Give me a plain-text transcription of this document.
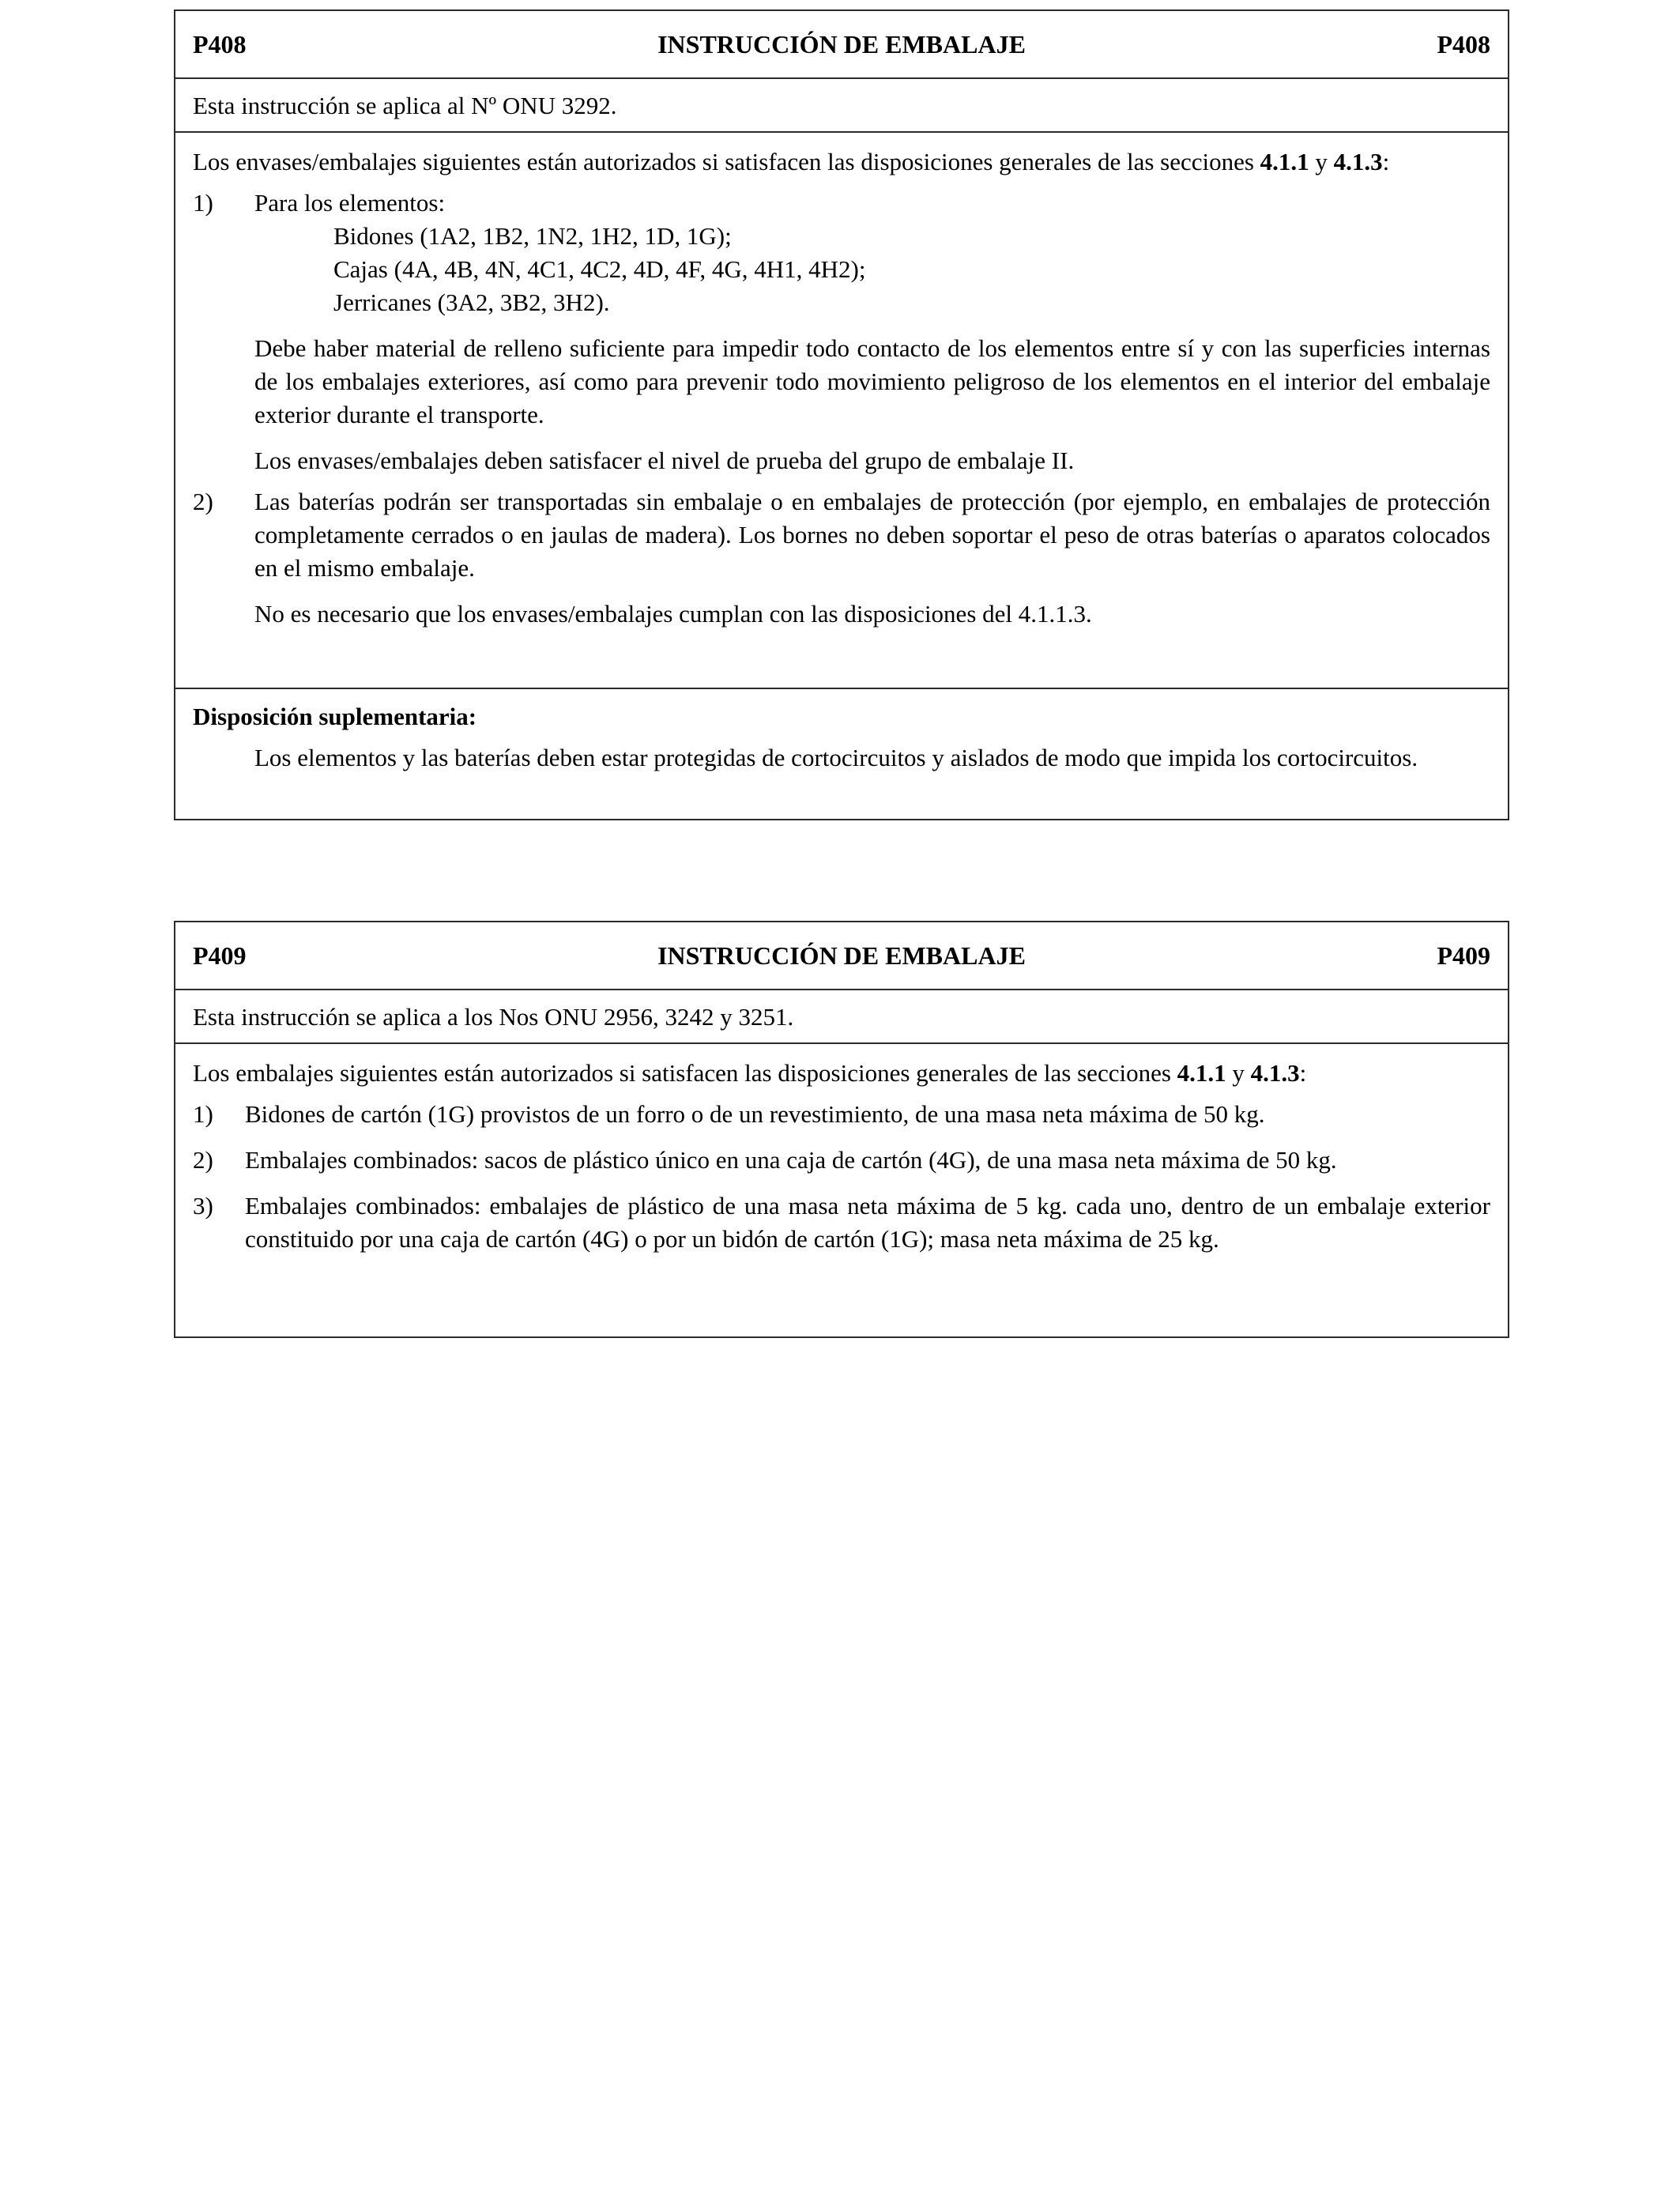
P408	INSTRUCCIÓN DE EMBALAJE	P408
Esta instrucción se aplica al Nº ONU 3292.

Los envases/embalajes siguientes están autorizados si satisfacen las disposiciones generales de las secciones 4.1.1 y 4.1.3:

1)	Para los elementos:

Bidones (1A2, 1B2, 1N2, 1H2, 1D, 1G);

Cajas (4A, 4B, 4N, 4C1, 4C2, 4D, 4F, 4G, 4H1, 4H2);

Jerricanes (3A2, 3B2, 3H2).

Debe haber material de relleno suficiente para impedir todo contacto de los elementos entre sí y con las superficies internas de los embalajes exteriores, así como para prevenir todo movimiento peligroso de los elementos en el interior del embalaje exterior durante el transporte.

Los envases/embalajes deben satisfacer el nivel de prueba del grupo de embalaje II.

2)	Las baterías podrán ser transportadas sin embalaje o en embalajes de protección (por ejemplo, en embalajes de protección completamente cerrados o en jaulas de madera). Los bornes no deben soportar el peso de otras baterías o aparatos colocados en el mismo embalaje.

No es necesario que los envases/embalajes cumplan con las disposiciones del 4.1.1.3.

Disposición suplementaria:

Los elementos y las baterías deben estar protegidas de cortocircuitos y aislados de modo que impida los cortocircuitos.

P409	INSTRUCCIÓN DE EMBALAJE	P409
Esta instrucción se aplica a los Nos ONU 2956, 3242 y 3251.

Los embalajes siguientes están autorizados si satisfacen las disposiciones generales de las secciones 4.1.1 y 4.1.3:

1)	Bidones de cartón (1G) provistos de un forro o de un revestimiento, de una masa neta máxima de 50 kg.

2)	Embalajes combinados: sacos de plástico único en una caja de cartón (4G), de una masa neta máxima de 50 kg.

3)	Embalajes combinados: embalajes de plástico de una masa neta máxima de 5 kg. cada uno, dentro de un embalaje exterior constituido por una caja de cartón (4G) o por un bidón de cartón (1G); masa neta máxima de 25 kg.
